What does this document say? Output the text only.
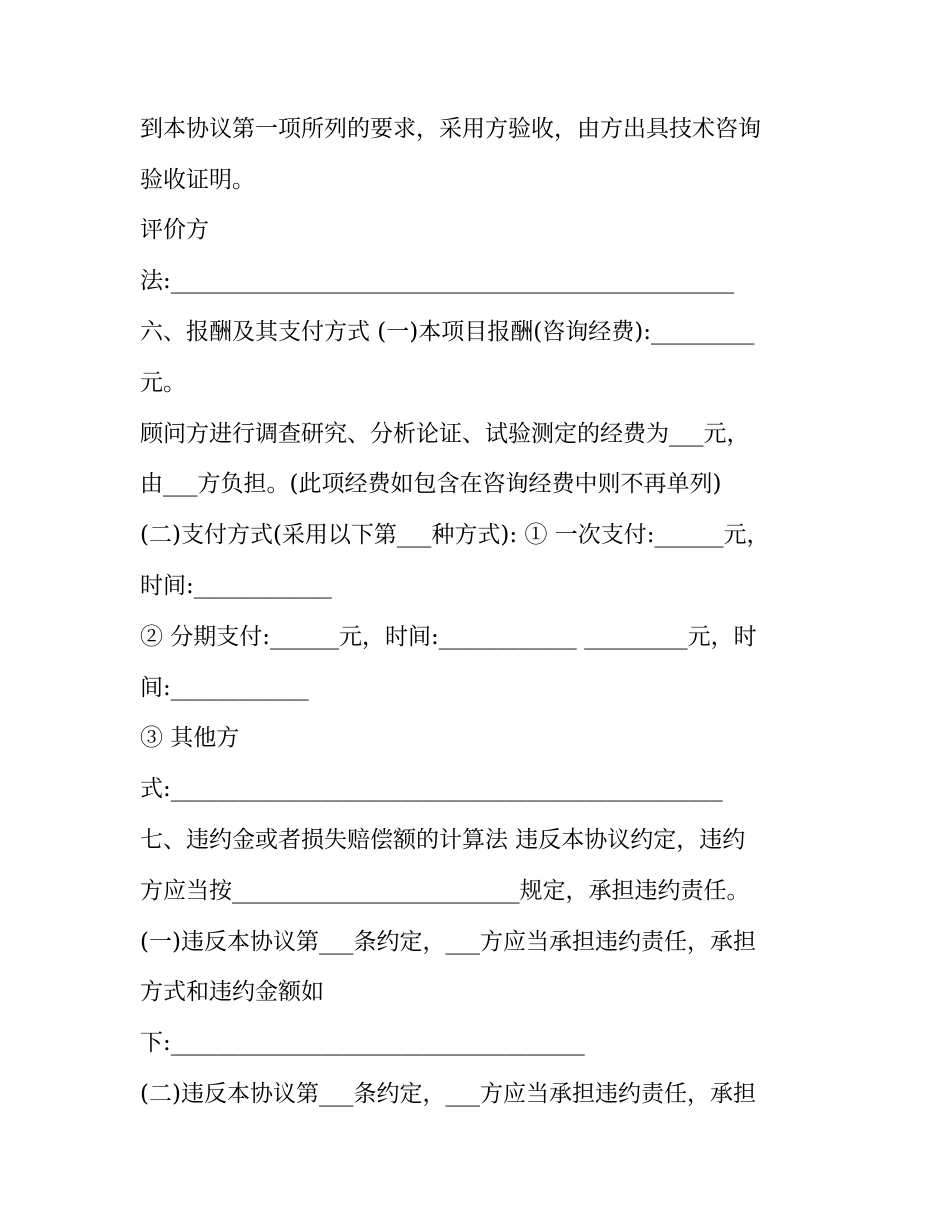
到本协议第一项所列的要求，采用方验收，由方出具技术咨询
验收证明。
评价方
法:_________________________________________________
六、报酬及其支付方式 (一)本项目报酬(咨询经费):_________
元。
顾问方进行调查研究、分析论证、试验测定的经费为___元，
由___方负担。(此项经费如包含在咨询经费中则不再单列)
(二)支付方式(采用以下第___种方式): ① 一次支付:______元，
时间:____________
② 分期支付:______元，时间:____________ _________元，时
间:____________
③ 其他方
式:________________________________________________
七、违约金或者损失赔偿额的计算法 违反本协议约定，违约
方应当按_________________________规定，承担违约责任。
(一)违反本协议第___条约定，___方应当承担违约责任，承担
方式和违约金额如
下:____________________________________
(二)违反本协议第___条约定，___方应当承担违约责任，承担
